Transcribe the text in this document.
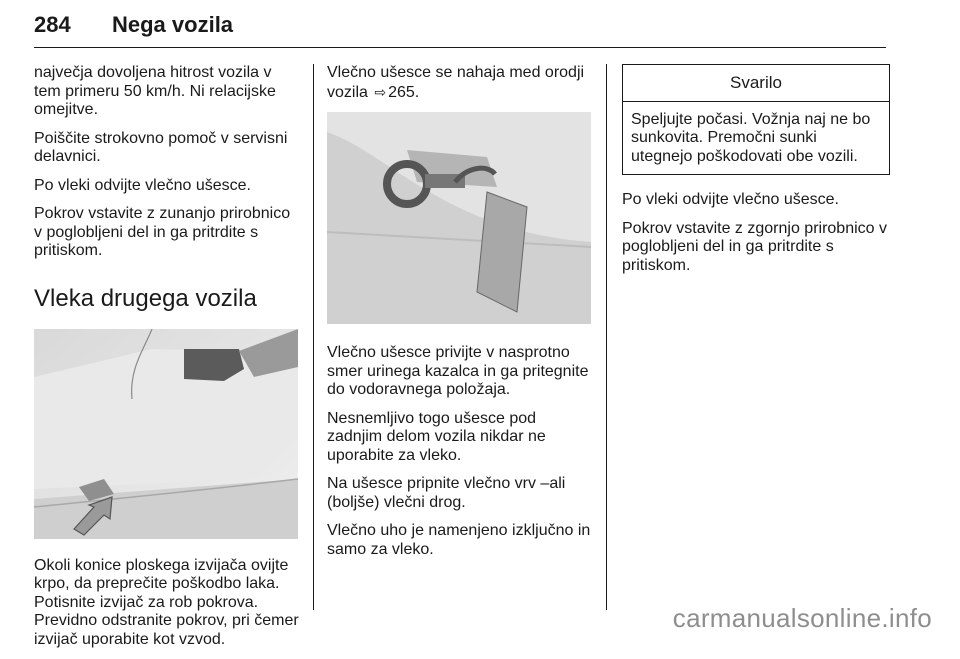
284 Nega vozila

največja dovoljena hitrost vozila v tem primeru 50 km/h. Ni relacijske omejitve.

Poiščite strokovno pomoč v servisni delavnici.

Po vleki odvijte vlečno ušesce.

Pokrov vstavite z zunanjo prirobnico v poglobljeni del in ga pritrdite s pritiskom.

Vleka drugega vozila

Okoli konice ploskega izvijača ovijte krpo, da preprečite poškodbo laka. Potisnite izvijač za rob pokrova. Previdno odstranite pokrov, pri čemer izvijač uporabite kot vzvod.

Vlečno ušesce se nahaja med orodji vozila ⇨ 265.

Vlečno ušesce privijte v nasprotno smer urinega kazalca in ga pritegnite do vodoravnega položaja.

Nesnemljivo togo ušesce pod zadnjim delom vozila nikdar ne uporabite za vleko.

Na ušesce pripnite vlečno vrv –ali (boljše) vlečni drog.

Vlečno uho je namenjeno izključno in samo za vleko.

Svarilo
Speljujte počasi. Vožnja naj ne bo sunkovita. Premočni sunki utegnejo poškodovati obe vozili.

Po vleki odvijte vlečno ušesce.

Pokrov vstavite z zgornjo prirobnico v poglobljeni del in ga pritrdite s pritiskom.

carmanualsonline.info
